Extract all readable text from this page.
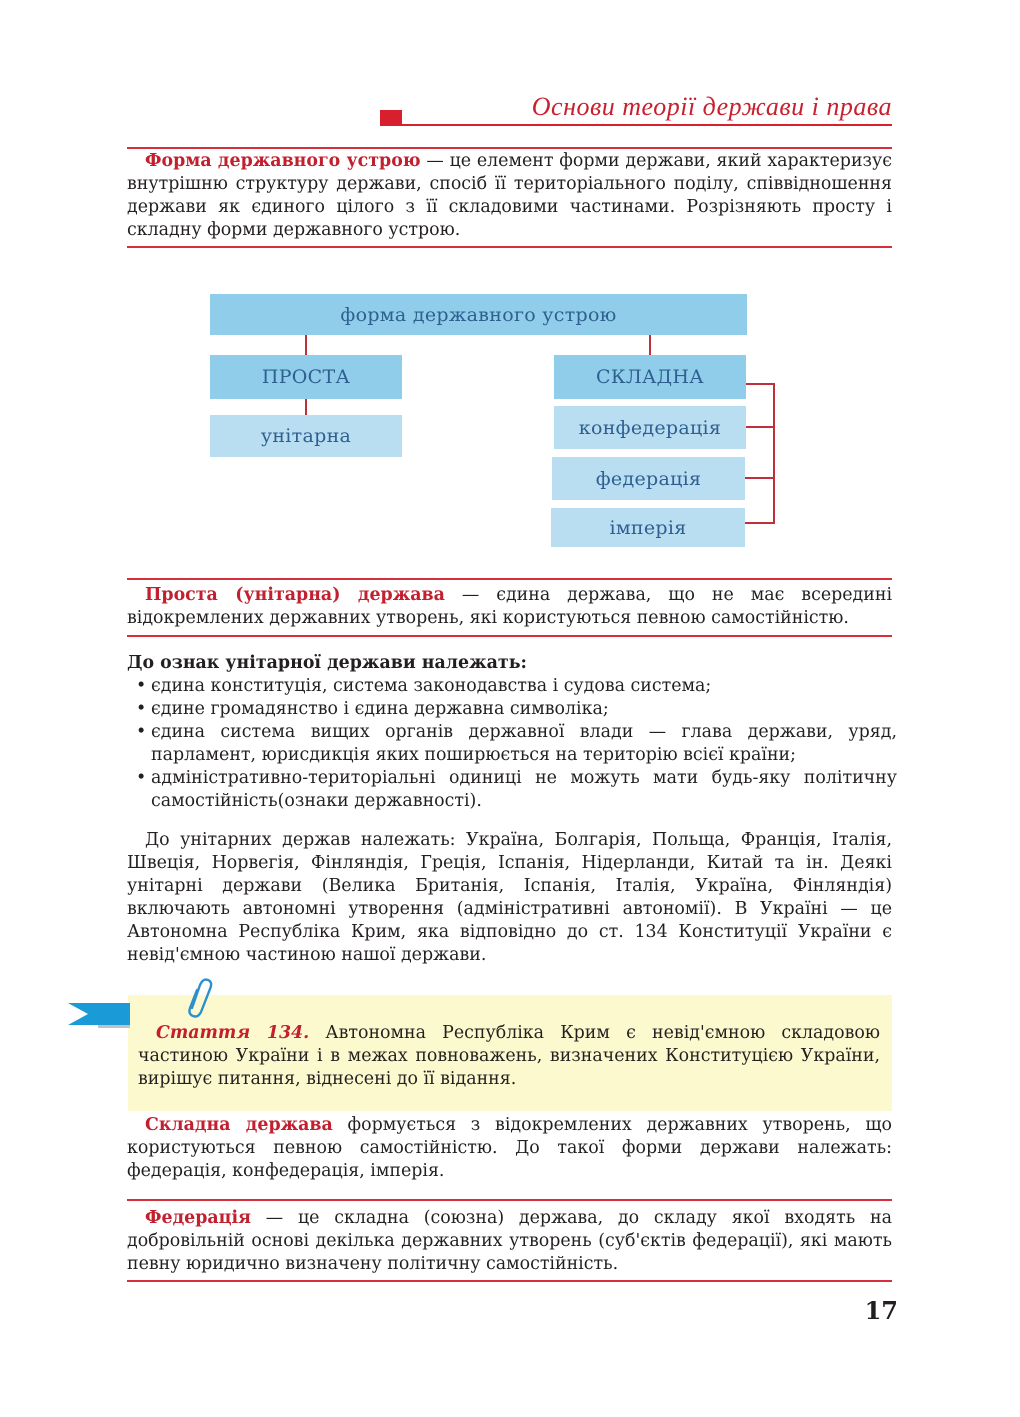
Основи теорії держави і права

Форма державного устрою — це елемент форми держави, який характеризує внутрішню структуру держави, спосіб її територіального поділу, співвідношення держави як єдиного цілого з її складовими частинами. Розрізняють просту і складну форми державного устрою.

форма державного устрою
ПРОСТА
унітарна
СКЛАДНА
конфедерація
федерація
імперія

Проста (унітарна) держава — єдина держава, що не має всередині відокремлених державних утворень, які користуються певною самостійністю.

До ознак унітарної держави належать:
• єдина конституція, система законодавства і судова система;
• єдине громадянство і єдина державна символіка;
• єдина система вищих органів державної влади — глава держави, уряд, парламент, юрисдикція яких поширюється на територію всієї країни;
• адміністративно-територіальні одиниці не можуть мати будь-яку політичну самостійність(ознаки державності).

До унітарних держав належать: Україна, Болгарія, Польща, Франція, Італія, Швеція, Норвегія, Фінляндія, Греція, Іспанія, Нідерланди, Китай та ін. Деякі унітарні держави (Велика Британія, Іспанія, Італія, Україна, Фінляндія) включають автономні утворення (адміністративні автономії). В Україні — це Автономна Республіка Крим, яка відповідно до ст. 134 Конституції України є невід'ємною частиною нашої держави.

Стаття 134. Автономна Республіка Крим є невід'ємною складовою частиною України і в межах повноважень, визначених Конституцією України, вирішує питання, віднесені до її відання.

Складна держава формується з відокремлених державних утворень, що користуються певною самостійністю. До такої форми держави належать: федерація, конфедерація, імперія.

Федерація — це складна (союзна) держава, до складу якої входять на добровільній основі декілька державних утворень (суб'єктів федерації), які мають певну юридично визначену політичну самостійність.

17
